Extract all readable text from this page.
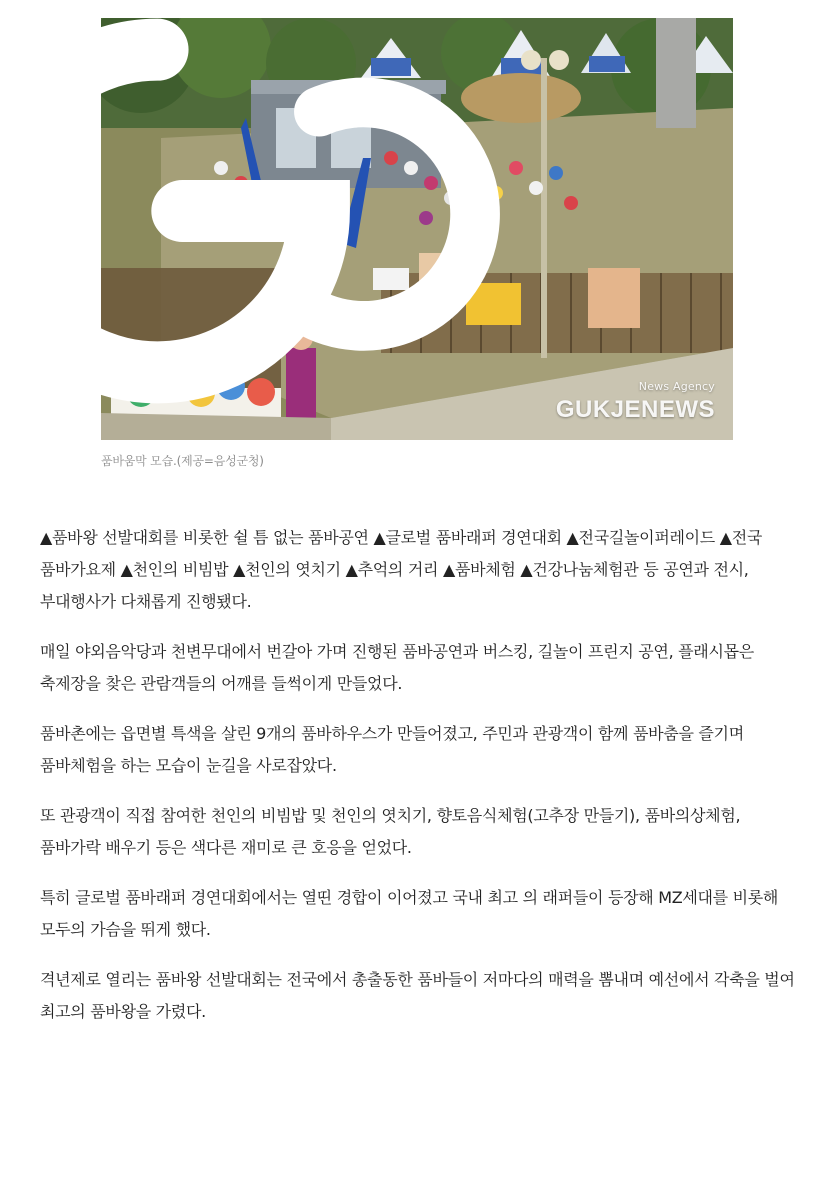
News Agency
GUKJENEWS
품바움막 모습.(제공=음성군청)

▲품바왕 선발대회를 비롯한 쉴 틈 없는 품바공연 ▲글로벌 품바래퍼 경연대회 ▲전국길놀이퍼레이드 ▲전국 품바가요제 ▲천인의 비빔밥 ▲천인의 엿치기 ▲추억의 거리 ▲품바체험 ▲건강나눔체험관 등 공연과 전시, 부대행사가 다채롭게 진행됐다.

매일 야외음악당과 천변무대에서 번갈아 가며 진행된 품바공연과 버스킹, 길놀이 프린지 공연, 플래시몹은 축제장을 찾은 관람객들의 어깨를 들썩이게 만들었다.

품바촌에는 읍면별 특색을 살린 9개의 품바하우스가 만들어졌고, 주민과 관광객이 함께 품바춤을 즐기며 품바체험을 하는 모습이 눈길을 사로잡았다.

또 관광객이 직접 참여한 천인의 비빔밥 및 천인의 엿치기, 향토음식체험(고추장 만들기), 품바의상체험, 품바가락 배우기 등은 색다른 재미로 큰 호응을 얻었다.

특히 글로벌 품바래퍼 경연대회에서는 열띤 경합이 이어졌고 국내 최고 의 래퍼들이 등장해 MZ세대를 비롯해 모두의 가슴을 뛰게 했다.

격년제로 열리는 품바왕 선발대회는 전국에서 총출동한 품바들이 저마다의 매력을 뽐내며 예선에서 각축을 벌여 최고의 품바왕을 가렸다.
